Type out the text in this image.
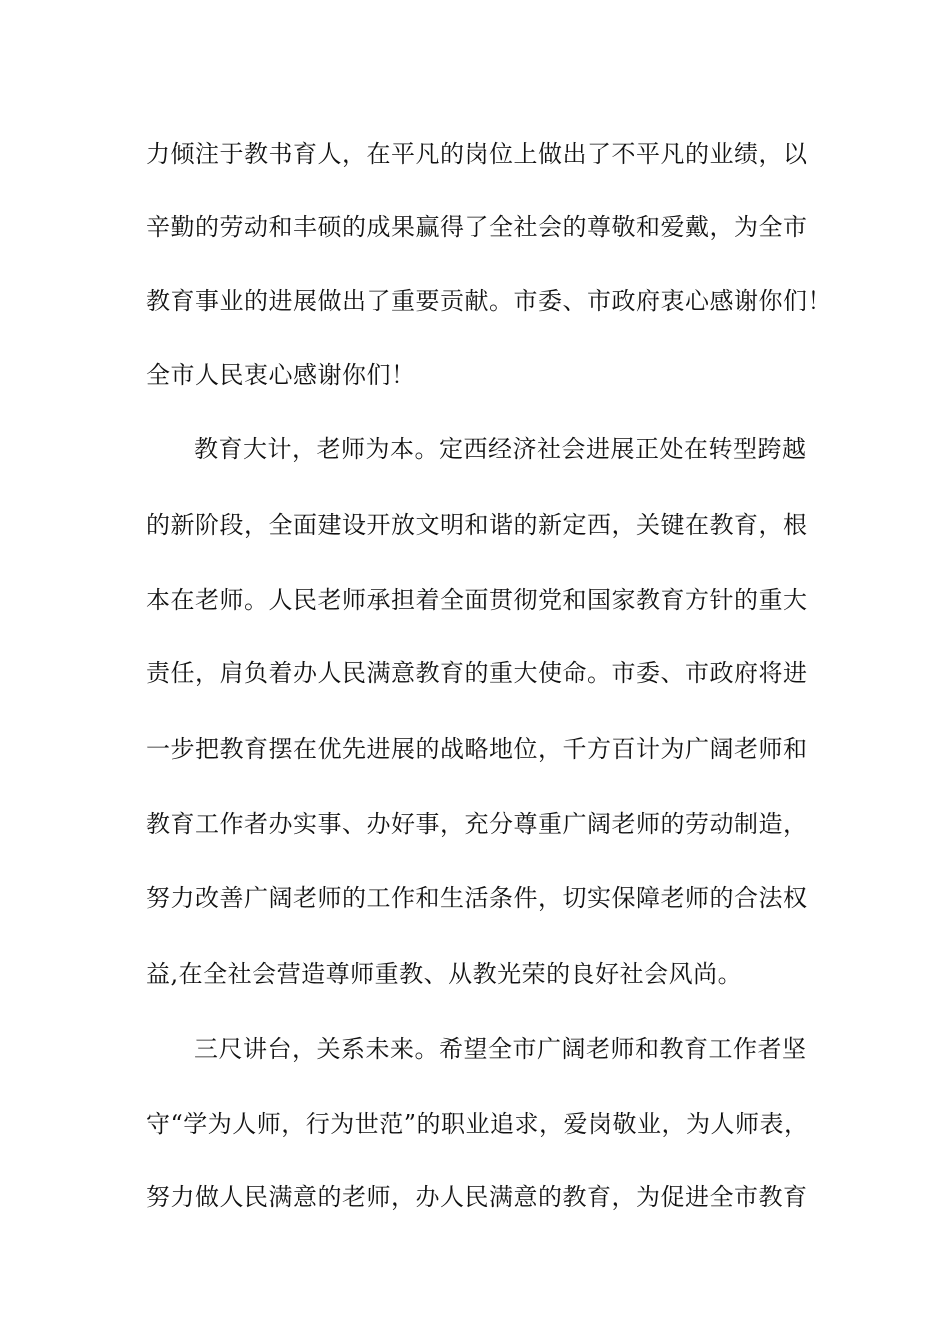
力倾注于教书育人，在平凡的岗位上做出了不平凡的业绩，以
辛勤的劳动和丰硕的成果赢得了全社会的尊敬和爱戴，为全市
教育事业的进展做出了重要贡献。市委、市政府衷心感谢你们！
全市人民衷心感谢你们！
教育大计，老师为本。定西经济社会进展正处在转型跨越
的新阶段，全面建设开放文明和谐的新定西，关键在教育，根
本在老师。人民老师承担着全面贯彻党和国家教育方针的重大
责任，肩负着办人民满意教育的重大使命。市委、市政府将进
一步把教育摆在优先进展的战略地位，千方百计为广阔老师和
教育工作者办实事、办好事，充分尊重广阔老师的劳动制造，
努力改善广阔老师的工作和生活条件，切实保障老师的合法权
益,在全社会营造尊师重教、从教光荣的良好社会风尚。
三尺讲台，关系未来。希望全市广阔老师和教育工作者坚
守“学为人师，行为世范”的职业追求，爱岗敬业，为人师表，
努力做人民满意的老师，办人民满意的教育，为促进全市教育
